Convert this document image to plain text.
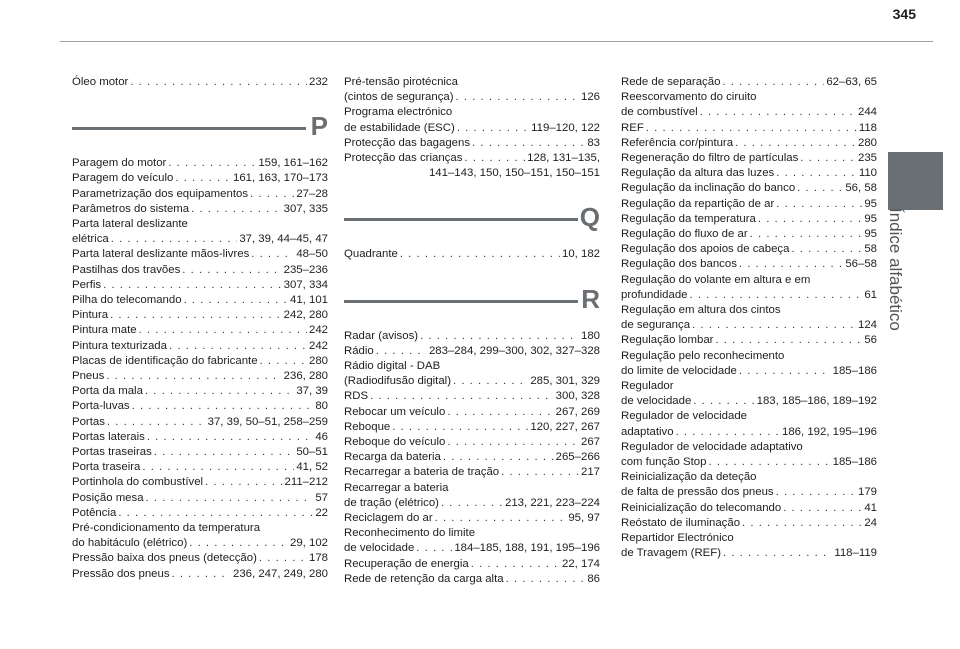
345
Índice alfabético
Óleo motor . . .	232
P
Paragem do motor . . .	159, 161–162
Paragem do veículo . . .	161, 163, 170–173
Parametrização dos equipamentos . . .	27–28
Parâmetros do sistema . . .	307, 335
Parta lateral deslizante
elétrica . . .	37, 39, 44–45, 47
Parta lateral deslizante mãos-livres . . .	48–50
Pastilhas dos travões . . .	235–236
Perfis . . .	307, 334
Pilha do telecomando . . .	41, 101
Pintura . . .	242, 280
Pintura mate . . .	242
Pintura texturizada . . .	242
Placas de identificação do fabricante . . .	280
Pneus . . .	236, 280
Porta da mala . . .	37, 39
Porta-luvas . . .	80
Portas . . .	37, 39, 50–51, 258–259
Portas laterais . . .	46
Portas traseiras . . .	50–51
Porta traseira . . .	41, 52
Portinhola do combustível . . .	211–212
Posição mesa . . .	57
Potência . . .	22
Pré-condicionamento da temperatura
do habitáculo (elétrico) . . .	29, 102
Pressão baixa dos pneus (detecção) . . .	178
Pressão dos pneus . . .	236, 247, 249, 280
Pré-tensão pirotécnica
(cintos de segurança) . . .	126
Programa electrónico
de estabilidade (ESC) . . .	119–120, 122
Protecção das bagagens . . .	83
Protecção das crianças . . .	128, 131–135,
141–143, 150, 150–151, 150–151
Q
Quadrante . . .	10, 182
R
Radar (avisos) . . .	180
Rádio . . .	283–284, 299–300, 302, 327–328
Rádio digital - DAB
(Radiodifusão digital) . . .	285, 301, 329
RDS . . .	300, 328
Rebocar um veículo . . .	267, 269
Reboque . . .	120, 227, 267
Reboque do veículo . . .	267
Recarga da bateria . . .	265–266
Recarregar a bateria de tração . . .	217
Recarregar a bateria
de tração (elétrico) . . .	213, 221, 223–224
Reciclagem do ar . . .	95, 97
Reconhecimento do limite
de velocidade . . .	184–185, 188, 191, 195–196
Recuperação de energia . . .	22, 174
Rede de retenção da carga alta . . .	86
Rede de separação . . .	62–63, 65
Reescorvamento do ciruito
de combustível . . .	244
REF . . .	118
Referência cor/pintura . . .	280
Regeneração do filtro de partículas . . .	235
Regulação da altura das luzes . . .	110
Regulação da inclinação do banco . . .	56, 58
Regulação da repartição de ar . . .	95
Regulação da temperatura . . .	95
Regulação do fluxo de ar . . .	95
Regulação dos apoios de cabeça . . .	58
Regulação dos bancos . . .	56–58
Regulação do volante em altura e em
profundidade . . .	61
Regulação em altura dos cintos
de segurança . . .	124
Regulação lombar . . .	56
Regulação pelo reconhecimento
do limite de velocidade . . .	185–186
Regulador
de velocidade . . .	183, 185–186, 189–192
Regulador de velocidade
adaptativo . . .	186, 192, 195–196
Regulador de velocidade adaptativo
com função Stop . . .	185–186
Reinicialização da deteção
de falta de pressão dos pneus . . .	179
Reinicialização do telecomando . . .	41
Reóstato de iluminação . . .	24
Repartidor Electrónico
de Travagem (REF) . . .	118–119
